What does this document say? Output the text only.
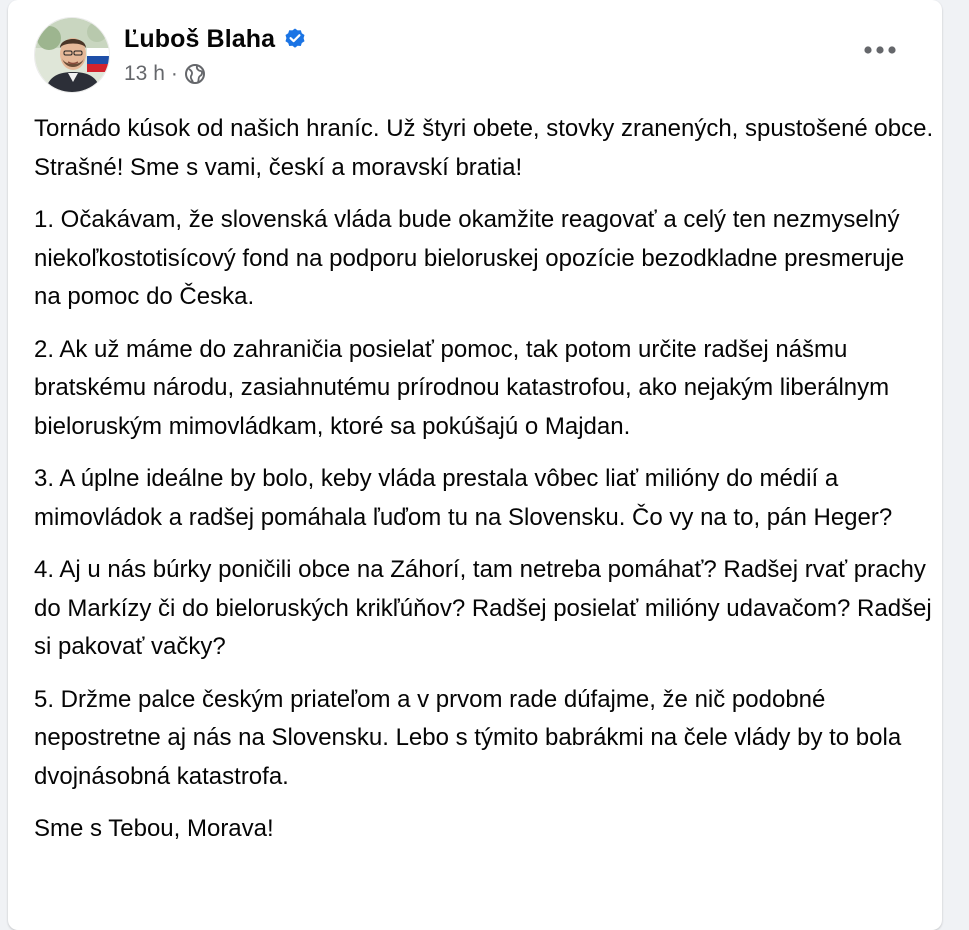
Ľuboš Blaha
13 h ·

Tornádo kúsok od našich hraníc. Už štyri obete, stovky zranených, spustošené obce. Strašné! Sme s vami, českí a moravskí bratia!

1. Očakávam, že slovenská vláda bude okamžite reagovať a celý ten nezmyselný niekoľkostotisícový fond na podporu bieloruskej opozície bezodkladne presmeruje na pomoc do Česka.

2. Ak už máme do zahraničia posielať pomoc, tak potom určite radšej nášmu bratskému národu, zasiahnutému prírodnou katastrofou, ako nejakým liberálnym bieloruským mimovládkam, ktoré sa pokúšajú o Majdan.

3. A úplne ideálne by bolo, keby vláda prestala vôbec liať milióny do médií a mimovládok a radšej pomáhala ľuďom tu na Slovensku. Čo vy na to, pán Heger?

4. Aj u nás búrky poničili obce na Záhorí, tam netreba pomáhať? Radšej rvať prachy do Markízy či do bieloruských krikľúňov? Radšej posielať milióny udavačom? Radšej si pakovať vačky?

5. Držme palce českým priateľom a v prvom rade dúfajme, že nič podobné nepostretne aj nás na Slovensku. Lebo s týmito babrákmi na čele vlády by to bola dvojnásobná katastrofa.

Sme s Tebou, Morava!
